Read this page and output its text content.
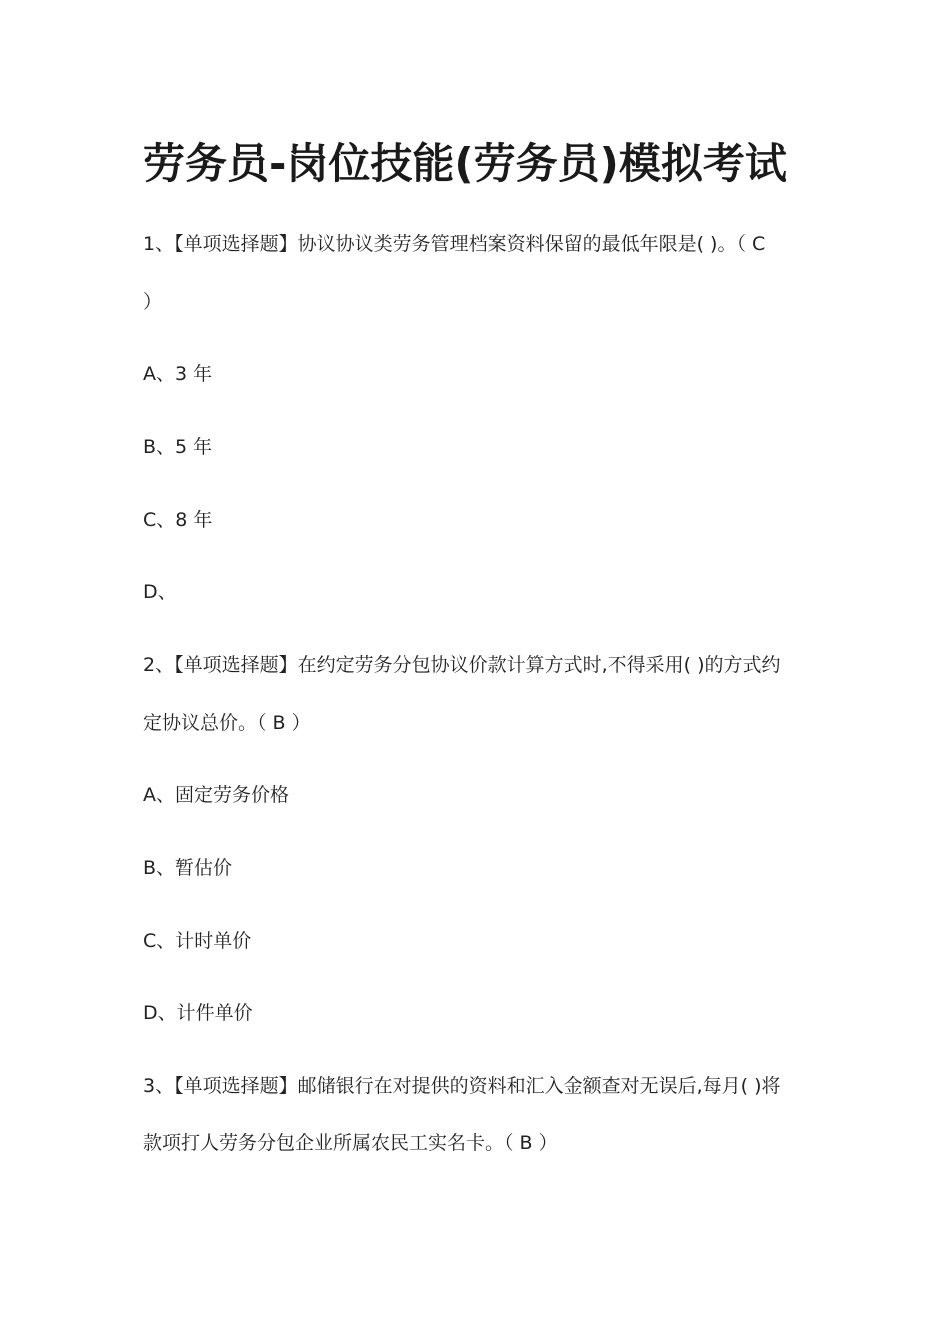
劳务员-岗位技能(劳务员)模拟考试
1、【单项选择题】协议协议类劳务管理档案资料保留的最低年限是( )。（ C
）
A、3 年
B、5 年
C、8 年
D、
2、【单项选择题】在约定劳务分包协议价款计算方式时,不得采用( )的方式约
定协议总价。（ B ）
A、固定劳务价格
B、暂估价
C、计时单价
D、计件单价
3、【单项选择题】邮储银行在对提供的资料和汇入金额查对无误后,每月( )将
款项打人劳务分包企业所属农民工实名卡。（ B ）
